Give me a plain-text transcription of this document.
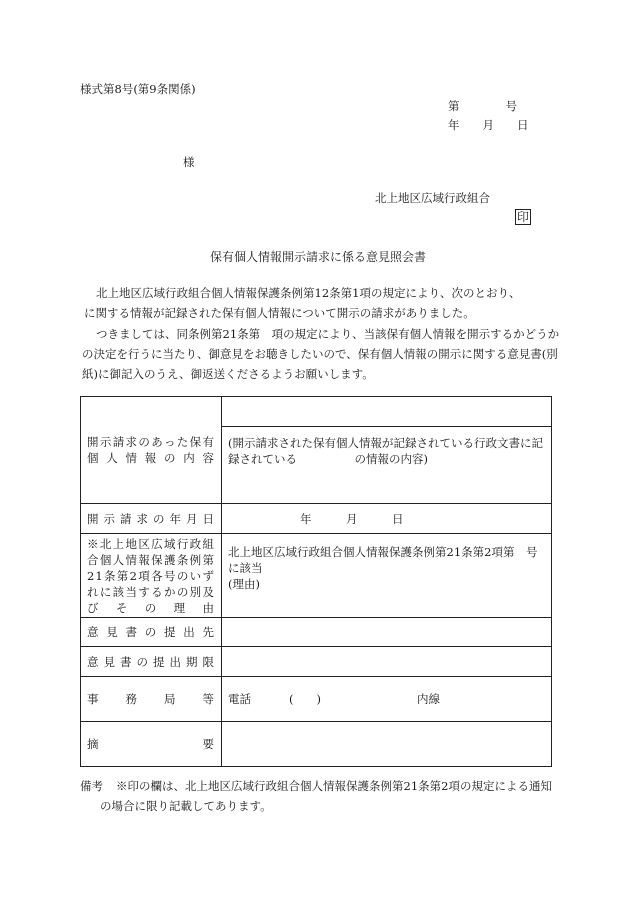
様式第8号(第9条関係)
第　　　　号
年　　月　　日
様
北上地区広域行政組合
印
保有個人情報開示請求に係る意見照会書
北上地区広域行政組合個人情報保護条例第12条第1項の規定により、次のとおり、
に関する情報が記録された保有個人情報について開示の請求がありました。
つきましては、同条例第21条第　項の規定により、当該保有個人情報を開示するかどうかの決定を行うに当たり、御意見をお聴きしたいので、保有個人情報の開示に関する意見書(別紙)に御記入のうえ、御返送くださるようお願いします。
開示請求のあった保有個人情報の内容	
	(開示請求された保有個人情報が記録されている行政文書に記録されている　　　　　の情報の内容)
開示請求の年月日	年　　　月　　　日
※北上地区広域行政組合個人情報保護条例第21条第2項各号のいずれに該当するかの別及びその理由	北上地区広域行政組合個人情報保護条例第21条第2項第　号
に該当
(理由)

意見書の提出先	
意見書の提出期限	
事務局等	電話 (　　) 内線
摘要	
備考 ※印の欄は、北上地区広域行政組合個人情報保護条例第21条第2項の規定による通知
の場合に限り記載してあります。
